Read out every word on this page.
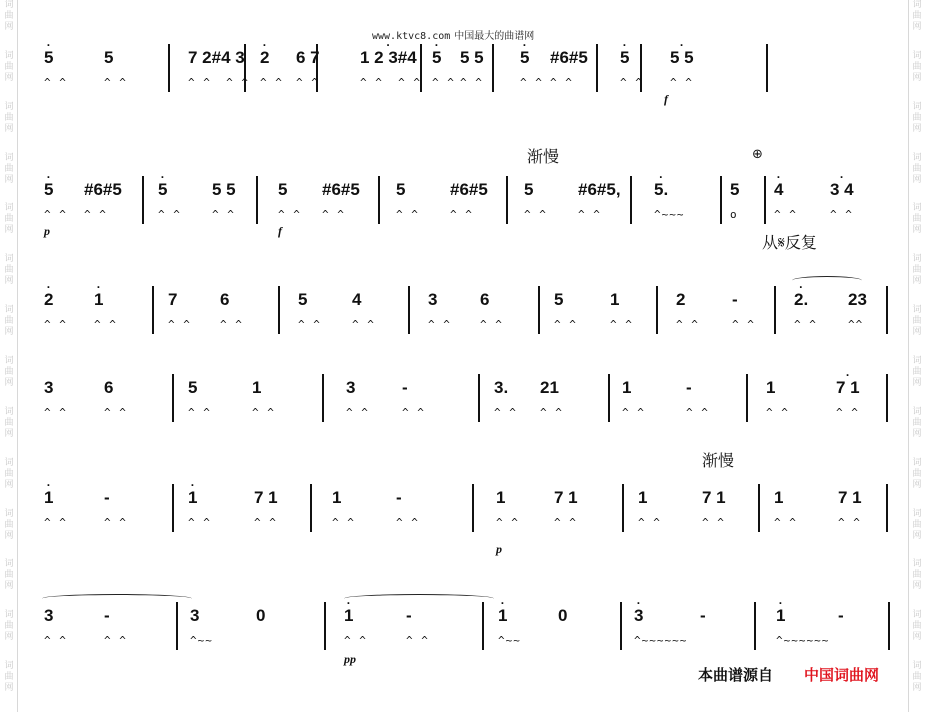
词
曲
网
词
曲
网
词
曲
网
词
曲
网
词
曲
网
词
曲
网
词
曲
网
词
曲
网
词
曲
网
词
曲
网
词
曲
网
词
曲
网
词
曲
网
词
曲
网
词
曲
网
词
曲
网
词
曲
网
词
曲
网
词
曲
网
词
曲
网
词
曲
网
词
曲
网
词
曲
网
词
曲
网
词
曲
网
词
曲
网
词
曲
网
词
曲
网
www.ktvc8.com 中国最大的曲谱网
渐慢	⊕
从𝄋反复
渐慢
5
·
^ ^
5
^ ^
7 2#4 3
^ ^  ^ ^
2
·
^ ^
6 7
^ ^
1 2 3#4
·
^ ^  ^ ^
5
·
^ ^
5 5
^ ^
5
·
^ ^
#6#5
^ ^
5
·
^ ^
5 5
·
^ ^
f
5
·
^ ^
#6#5
^ ^
5
·
^ ^
5 5
^ ^
5
^ ^
#6#5
^ ^
5
^ ^
#6#5
^ ^
5
^ ^
#6#5,
^ ^
5.
·
^~~~
5
o
4
·
^ ^
3 4
·
^ ^
p	f
2
·
^ ^
1
·
^ ^
7
^ ^
6
^ ^
5
^ ^
4
^ ^
3
^ ^
6
^ ^
5
^ ^
1
^ ^
2
^ ^
-
^ ^
2.
·
^ ^
23
^^
3
^ ^
6
^ ^
5
^ ^
1
^ ^
3
^ ^
-
^ ^
3.
^ ^
21
^ ^
1
^ ^
-
^ ^
1
^ ^
7 1
·
^ ^
1
·
^ ^
-
^ ^
1
·
^ ^
7 1
^ ^
1
^ ^
-
^ ^
1
^ ^
7 1
^ ^
1
^ ^
7 1
^ ^
1
^ ^
7 1
^ ^
p
3
^ ^
-
^ ^
3
^~~
0	1
·
^ ^
-
^ ^
1
·
^~~
0	3
·
^~~~~~~
-	1
·
^~~~~~~
-
pp
本曲谱源自 中国词曲网
